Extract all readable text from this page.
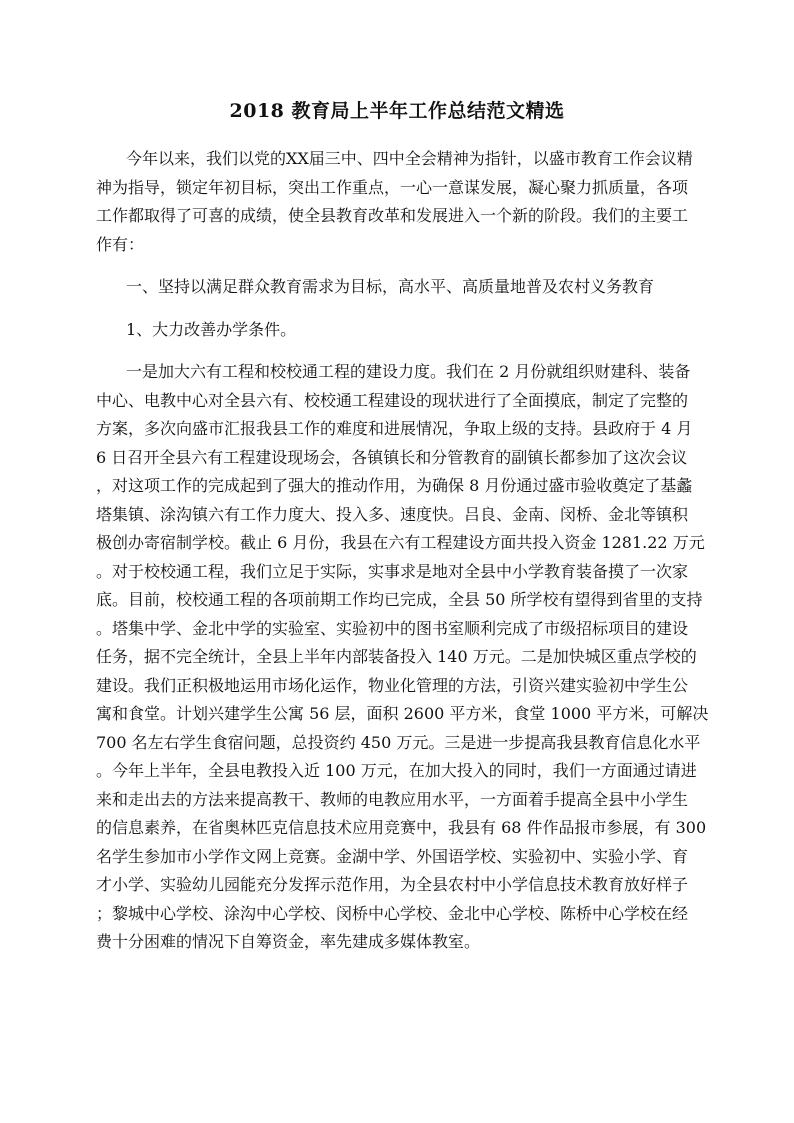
2018 教育局上半年工作总结范文精选

今年以来，我们以党的XX届三中、四中全会精神为指针，以盛市教育工作会议精
神为指导，锁定年初目标，突出工作重点，一心一意谋发展，凝心聚力抓质量，各项
工作都取得了可喜的成绩，使全县教育改革和发展进入一个新的阶段。我们的主要工
作有：

一、坚持以满足群众教育需求为目标，高水平、高质量地普及农村义务教育

1、大力改善办学条件。

一是加大六有工程和校校通工程的建设力度。我们在 2 月份就组织财建科、装备
中心、电教中心对全县六有、校校通工程建设的现状进行了全面摸底，制定了完整的
方案，多次向盛市汇报我县工作的难度和进展情况，争取上级的支持。县政府于 4 月
6 日召开全县六有工程建设现场会，各镇镇长和分管教育的副镇长都参加了这次会议
，对这项工作的完成起到了强大的推动作用，为确保 8 月份通过盛市验收奠定了基蠡
塔集镇、涂沟镇六有工作力度大、投入多、速度快。吕良、金南、闵桥、金北等镇积
极创办寄宿制学校。截止 6 月份，我县在六有工程建设方面共投入资金 1281.22 万元
。对于校校通工程，我们立足于实际，实事求是地对全县中小学教育装备摸了一次家
底。目前，校校通工程的各项前期工作均已完成，全县 50 所学校有望得到省里的支持
。塔集中学、金北中学的实验室、实验初中的图书室顺利完成了市级招标项目的建设
任务，据不完全统计，全县上半年内部装备投入 140 万元。二是加快城区重点学校的
建设。我们正积极地运用市场化运作，物业化管理的方法，引资兴建实验初中学生公
寓和食堂。计划兴建学生公寓 56 层，面积 2600 平方米，食堂 1000 平方米，可解决
700 名左右学生食宿问题，总投资约 450 万元。三是进一步提高我县教育信息化水平
。今年上半年，全县电教投入近 100 万元，在加大投入的同时，我们一方面通过请进
来和走出去的方法来提高教干、教师的电教应用水平，一方面着手提高全县中小学生
的信息素养，在省奥林匹克信息技术应用竞赛中，我县有 68 件作品报市参展，有 300
名学生参加市小学作文网上竞赛。金湖中学、外国语学校、实验初中、实验小学、育
才小学、实验幼儿园能充分发挥示范作用，为全县农村中小学信息技术教育放好样子
；黎城中心学校、涂沟中心学校、闵桥中心学校、金北中心学校、陈桥中心学校在经
费十分困难的情况下自筹资金，率先建成多媒体教室。
